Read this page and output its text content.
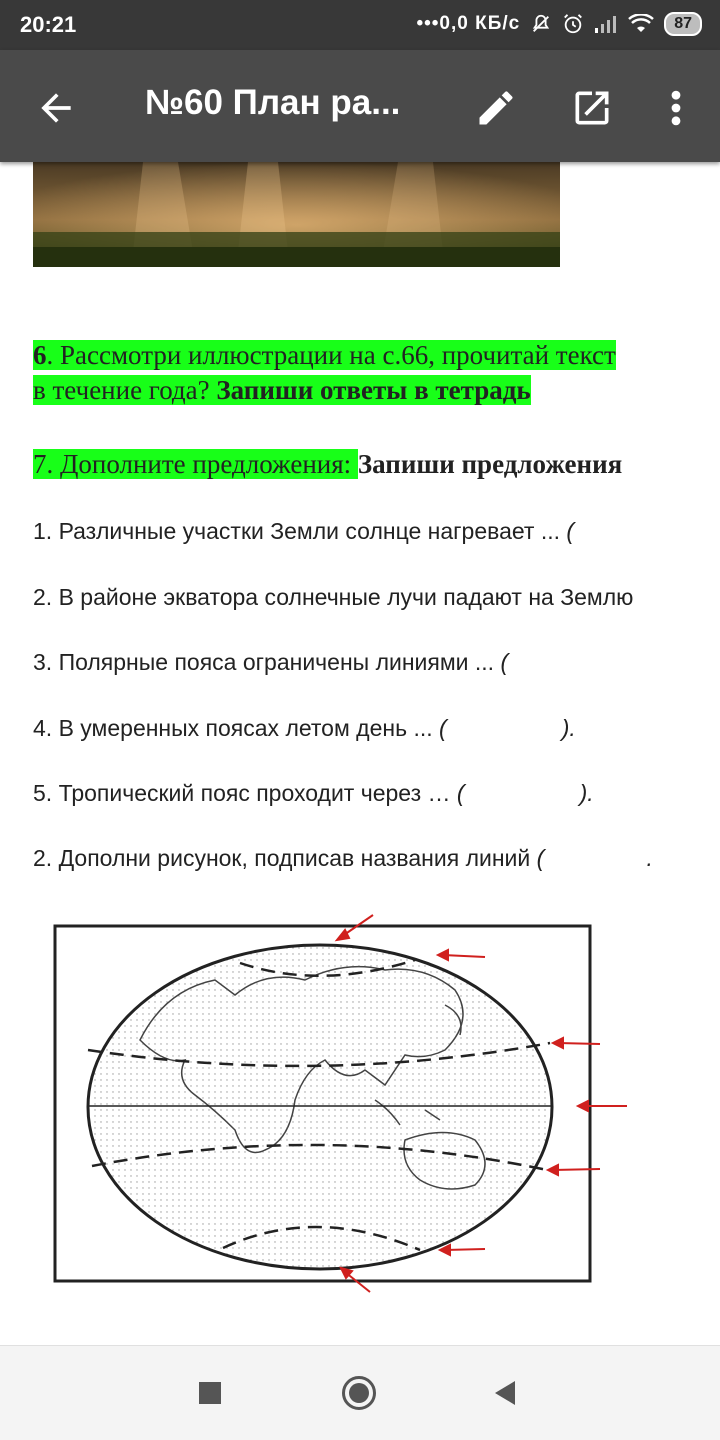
20:21	•••0,0 КБ/с	87
№60 План ра...
6. Рассмотри иллюстрации на с.66, прочитай текст
в течение года? Запиши ответы в тетрадь
7. Дополните предложения: Запиши предложения
1. Различные участки Земли солнце нагревает ... (
2. В районе экватора солнечные лучи падают на Землю
3. Полярные пояса ограничены линиями ... (
4. В умеренных поясах летом день ... (                  ).
5. Тропический пояс проходит через … (                  ).
2. Дополни рисунок, подписав названия линий (                .
